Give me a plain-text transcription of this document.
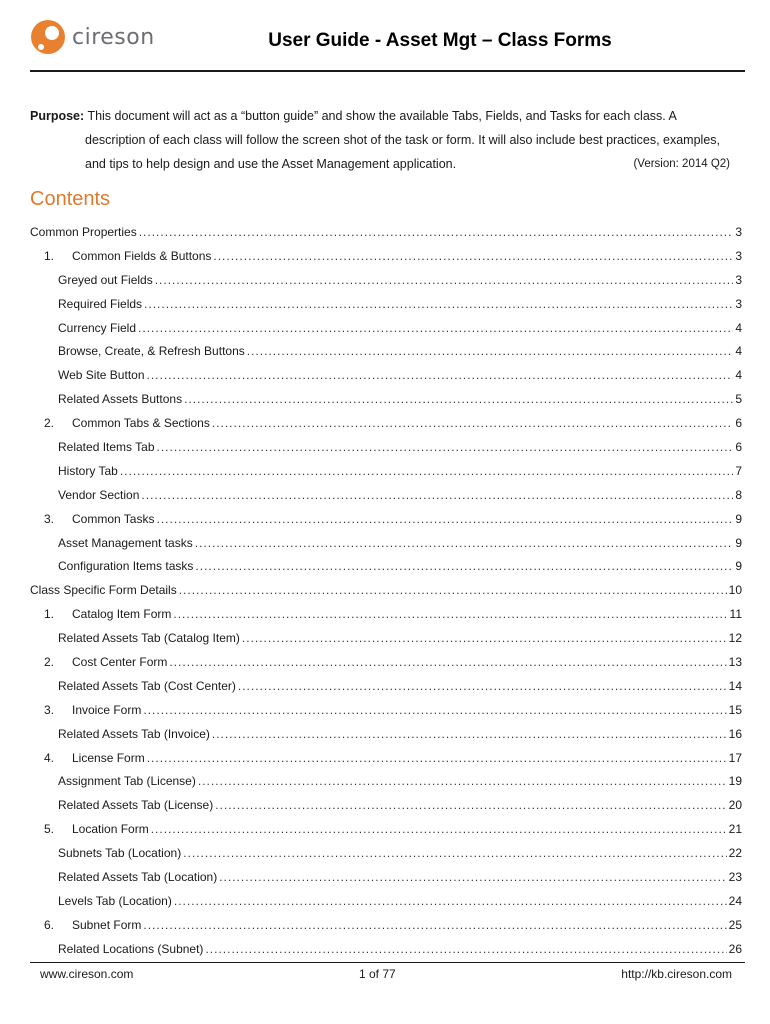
cireson	User Guide - Asset Mgt – Class Forms
Purpose: This document will act as a “button guide” and show the available Tabs, Fields, and Tasks for each class. A
description of each class will follow the screen shot of the task or form. It will also include best practices, examples,
and tips to help design and use the Asset Management application.	(Version: 2014 Q2)
Contents
Common Properties .....	3
1.	Common Fields & Buttons .....	3
Greyed out Fields .....	3
Required Fields .....	3
Currency Field .....	4
Browse, Create, & Refresh Buttons .....	4
Web Site Button .....	4
Related Assets Buttons .....	5
2.	Common Tabs & Sections .....	6
Related Items Tab .....	6
History Tab .....	7
Vendor Section .....	8
3.	Common Tasks .....	9
Asset Management tasks .....	9
Configuration Items tasks .....	9
Class Specific Form Details .....	10
1.	Catalog Item Form .....	11
Related Assets Tab (Catalog Item) .....	12
2.	Cost Center Form .....	13
Related Assets Tab (Cost Center) .....	14
3.	Invoice Form .....	15
Related Assets Tab (Invoice) .....	16
4.	License Form .....	17
Assignment Tab (License) .....	19
Related Assets Tab (License) .....	20
5.	Location Form .....	21
Subnets Tab (Location) .....	22
Related Assets Tab (Location) .....	23
Levels Tab (Location) .....	24
6.	Subnet Form .....	25
Related Locations (Subnet) .....	26
www.cireson.com	1 of 77	http://kb.cireson.com
